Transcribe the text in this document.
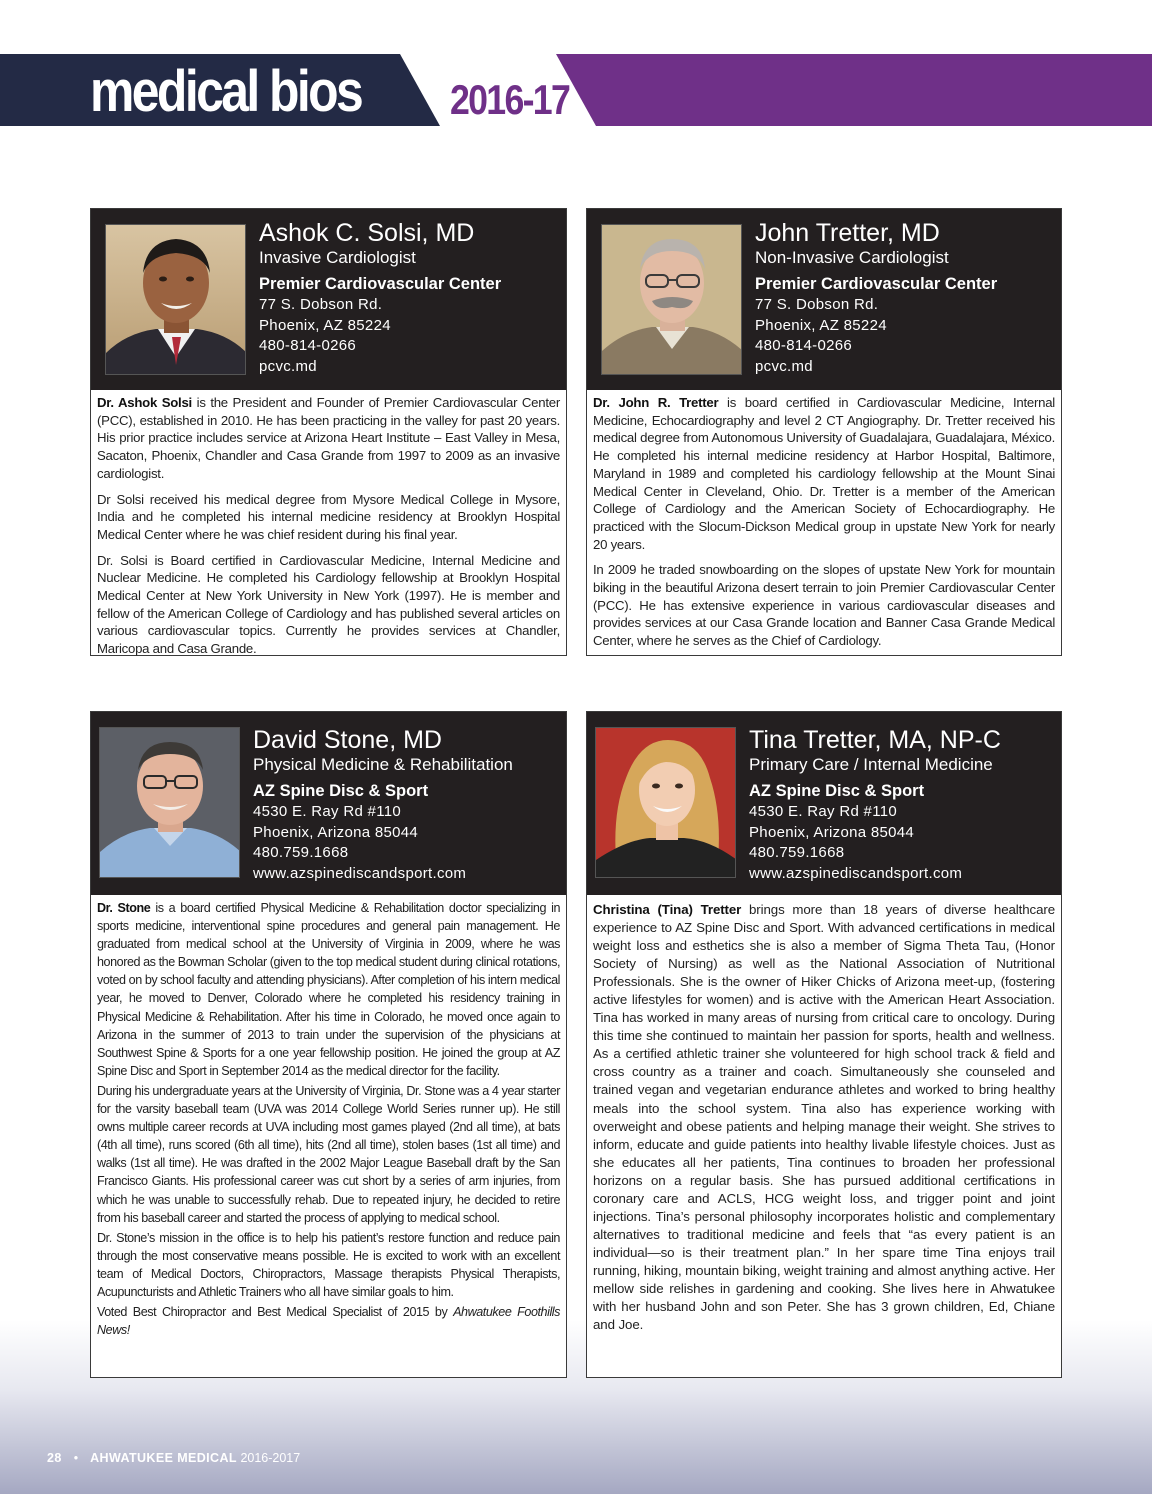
medical bios 2016-17
Ashok C. Solsi, MD
Invasive Cardiologist
Premier Cardiovascular Center
77 S. Dobson Rd.
Phoenix, AZ 85224
480-814-0266
pcvc.md

Dr. Ashok Solsi is the President and Founder of Premier Cardiovascular Center (PCC), established in 2010. He has been practicing in the valley for past 20 years. His prior practice includes service at Arizona Heart Institute – East Valley in Mesa, Sacaton, Phoenix, Chandler and Casa Grande from 1997 to 2009 as an invasive cardiologist.

Dr Solsi received his medical degree from Mysore Medical College in Mysore, India and he completed his internal medicine residency at Brooklyn Hospital Medical Center where he was chief resident during his final year.

Dr. Solsi is Board certified in Cardiovascular Medicine, Internal Medicine and Nuclear Medicine. He completed his Cardiology fellowship at Brooklyn Hospital Medical Center at New York University in New York (1997). He is member and fellow of the American College of Cardiology and has published several articles on various cardiovascular topics. Currently he provides services at Chandler, Maricopa and Casa Grande.

John Tretter, MD
Non-Invasive Cardiologist
Premier Cardiovascular Center
77 S. Dobson Rd.
Phoenix, AZ 85224
480-814-0266
pcvc.md

Dr. John R. Tretter is board certified in Cardiovascular Medicine, Internal Medicine, Echocardiography and level 2 CT Angiography. Dr. Tretter received his medical degree from Autonomous University of Guadalajara, Guadalajara, México. He completed his internal medicine residency at Harbor Hospital, Baltimore, Maryland in 1989 and completed his cardiology fellowship at the Mount Sinai Medical Center in Cleveland, Ohio. Dr. Tretter is a member of the American College of Cardiology and the American Society of Echocardiography. He practiced with the Slocum-Dickson Medical group in upstate New York for nearly 20 years.

In 2009 he traded snowboarding on the slopes of upstate New York for mountain biking in the beautiful Arizona desert terrain to join Premier Cardiovascular Center (PCC). He has extensive experience in various cardiovascular diseases and provides services at our Casa Grande location and Banner Casa Grande Medical Center, where he serves as the Chief of Cardiology.

David Stone, MD
Physical Medicine & Rehabilitation
AZ Spine Disc & Sport
4530 E. Ray Rd #110
Phoenix, Arizona 85044
480.759.1668
www.azspinediscandsport.com

Dr. Stone is a board certified Physical Medicine & Rehabilitation doctor specializing in sports medicine, interventional spine procedures and general pain management. He graduated from medical school at the University of Virginia in 2009, where he was honored as the Bowman Scholar (given to the top medical student during clinical rotations, voted on by school faculty and attending physicians). After completion of his intern medical year, he moved to Denver, Colorado where he completed his residency training in Physical Medicine & Rehabilitation. After his time in Colorado, he moved once again to Arizona in the summer of 2013 to train under the supervision of the physicians at Southwest Spine & Sports for a one year fellowship position. He joined the group at AZ Spine Disc and Sport in September 2014 as the medical director for the facility.

During his undergraduate years at the University of Virginia, Dr. Stone was a 4 year starter for the varsity baseball team (UVA was 2014 College World Series runner up). He still owns multiple career records at UVA including most games played (2nd all time), at bats (4th all time), runs scored (6th all time), hits (2nd all time), stolen bases (1st all time) and walks (1st all time). He was drafted in the 2002 Major League Baseball draft by the San Francisco Giants. His professional career was cut short by a series of arm injuries, from which he was unable to successfully rehab. Due to repeated injury, he decided to retire from his baseball career and started the process of applying to medical school.

Dr. Stone’s mission in the office is to help his patient’s restore function and reduce pain through the most conservative means possible. He is excited to work with an excellent team of Medical Doctors, Chiropractors, Massage therapists Physical Therapists, Acupuncturists and Athletic Trainers who all have similar goals to him.

Voted Best Chiropractor and Best Medical Specialist of 2015 by Ahwatukee Foothills News!

Tina Tretter, MA, NP-C
Primary Care / Internal Medicine
AZ Spine Disc & Sport
4530 E. Ray Rd #110
Phoenix, Arizona 85044
480.759.1668
www.azspinediscandsport.com

Christina (Tina) Tretter brings more than 18 years of diverse healthcare experience to AZ Spine Disc and Sport. With advanced certifications in medical weight loss and esthetics she is also a member of Sigma Theta Tau, (Honor Society of Nursing) as well as the National Association of Nutritional Professionals. She is the owner of Hiker Chicks of Arizona meet-up, (fostering active lifestyles for women) and is active with the American Heart Association. Tina has worked in many areas of nursing from critical care to oncology. During this time she continued to maintain her passion for sports, health and wellness. As a certified athletic trainer she volunteered for high school track & field and cross country as a trainer and coach. Simultaneously she counseled and trained vegan and vegetarian endurance athletes and worked to bring healthy meals into the school system. Tina also has experience working with overweight and obese patients and helping manage their weight. She strives to inform, educate and guide patients into healthy livable lifestyle choices. Just as she educates all her patients, Tina continues to broaden her professional horizons on a regular basis. She has pursued additional certifications in coronary care and ACLS, HCG weight loss, and trigger point and joint injections. Tina’s personal philosophy incorporates holistic and complementary alternatives to traditional medicine and feels that “as every patient is an individual—so is their treatment plan.” In her spare time Tina enjoys trail running, hiking, mountain biking, weight training and almost anything active. Her mellow side relishes in gardening and cooking. She lives here in Ahwatukee with her husband John and son Peter. She has 3 grown children, Ed, Chiane and Joe.

28 • AHWATUKEE MEDICAL 2016-2017
